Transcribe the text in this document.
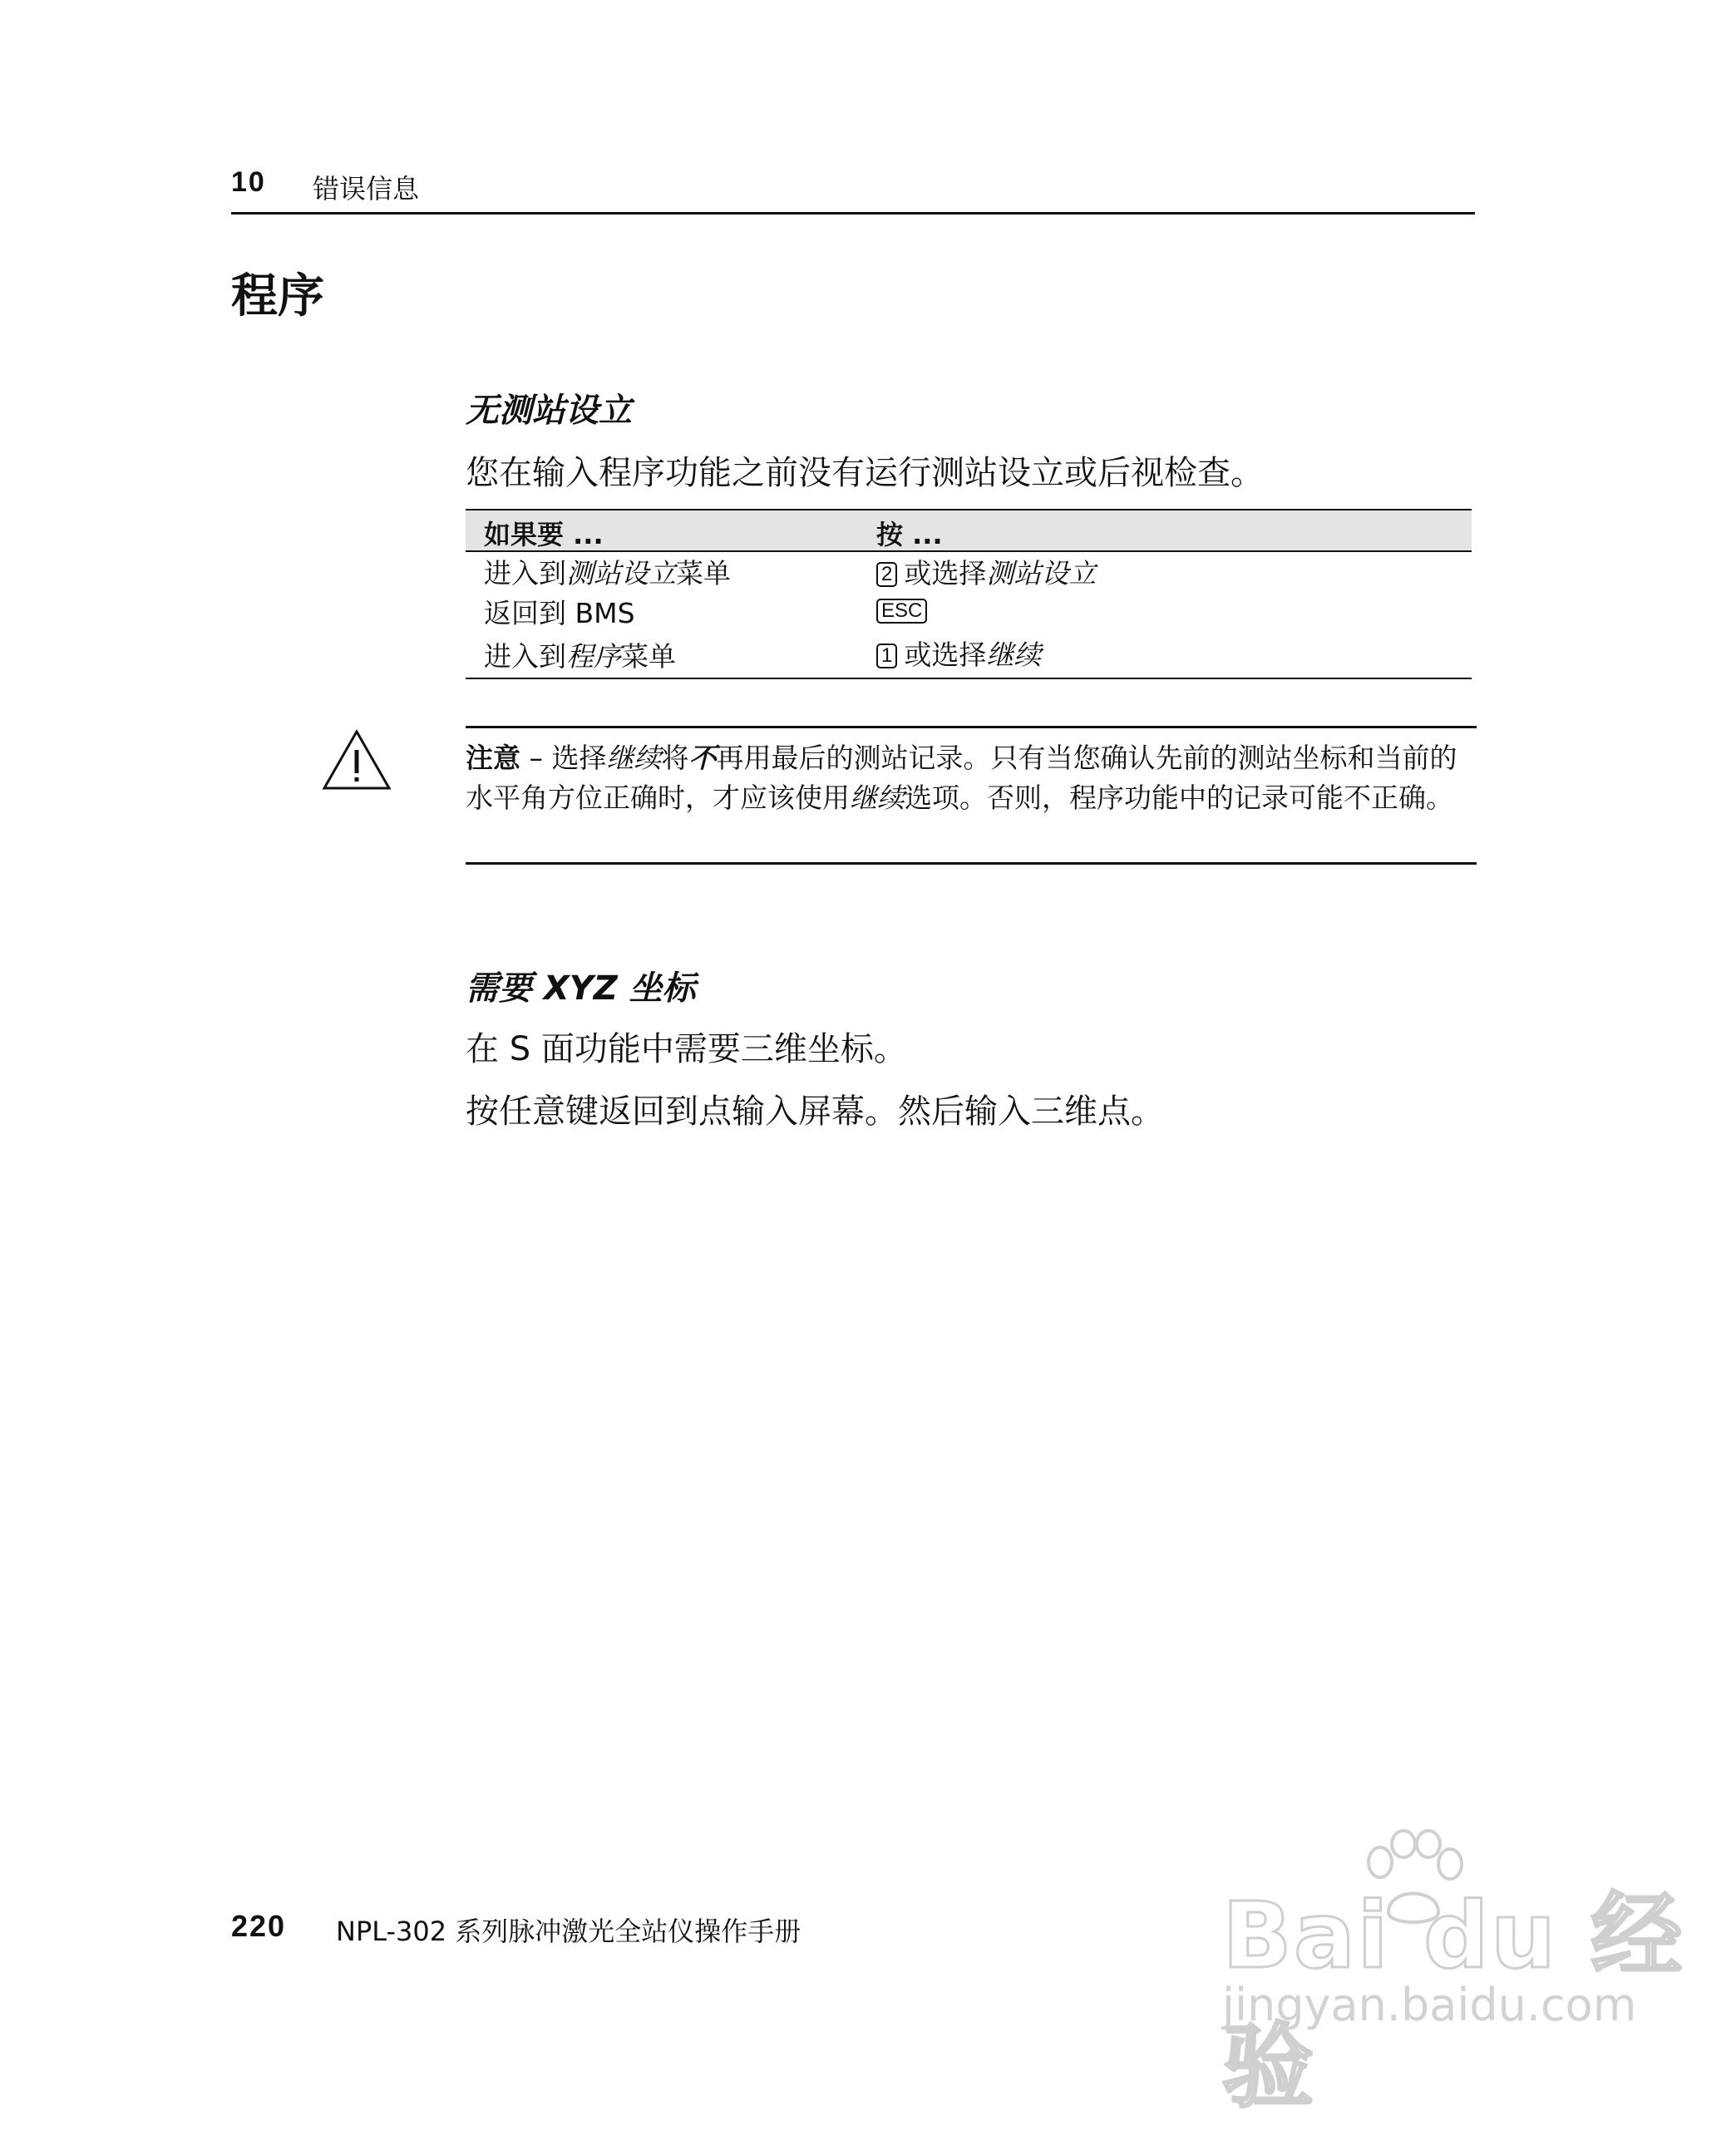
10 错误信息
程序
无测站设立
您在输入程序功能之前没有运行测站设立或后视检查。
如果要 ...	按 ...
进入到测站设立菜单	2 或选择测站设立
返回到 BMS	ESC
进入到程序菜单	1 或选择继续
注意 – 选择继续将不再用最后的测站记录。只有当您确认先前的测站坐标和当前的水平角方位正确时，才应该使用继续选项。否则，程序功能中的记录可能不正确。
需要 XYZ 坐标
在 S 面功能中需要三维坐标。
按任意键返回到点输入屏幕。然后输入三维点。
220 NPL-302 系列脉冲激光全站仪操作手册	Bai du 经验
jingyan.baidu.com
